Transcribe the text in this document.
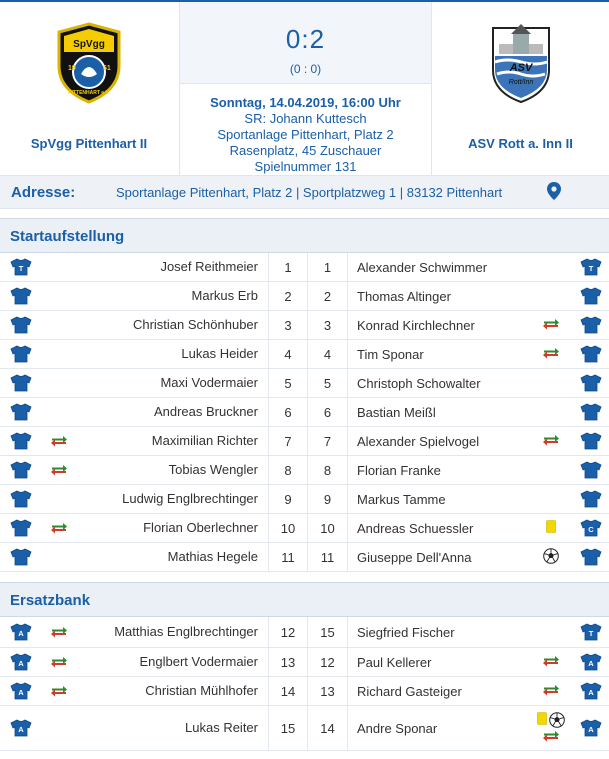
SpVgg
19	61
PITTENHART e.V.
SpVgg Pittenhart II
0:2
(0 : 0)
Sonntag, 14.04.2019, 16:00 Uhr
SR: Johann Kuttesch
Sportanlage Pittenhart, Platz 2
Rasenplatz, 45 Zuschauer
Spielnummer 131
ASV
Rott/Inn
ASV Rott a. Inn II
Adresse:	Sportanlage Pittenhart, Platz 2 | Sportplatzweg 1 | 83132 Pittenhart
Startaufstellung
T	Josef Reithmeier	1	1	Alexander Schwimmer	T
Markus Erb	2	2	Thomas Altinger
Christian Schönhuber	3	3	Konrad Kirchlechner
Lukas Heider	4	4	Tim Sponar
Maxi Vodermaier	5	5	Christoph Schowalter
Andreas Bruckner	6	6	Bastian Meißl
Maximilian Richter	7	7	Alexander Spielvogel
Tobias Wengler	8	8	Florian Franke
Ludwig Englbrechtinger	9	9	Markus Tamme
Florian Oberlechner	10	10	Andreas Schuessler	C
Mathias Hegele	11	11	Giuseppe Dell'Anna
Ersatzbank
A	Matthias Englbrechtinger	12	15	Siegfried Fischer	T
A	Englbert Vodermaier	13	12	Paul Kellerer	A
A	Christian Mühlhofer	14	13	Richard Gasteiger	A
A	Lukas Reiter	15	14	Andre Sponar	A
